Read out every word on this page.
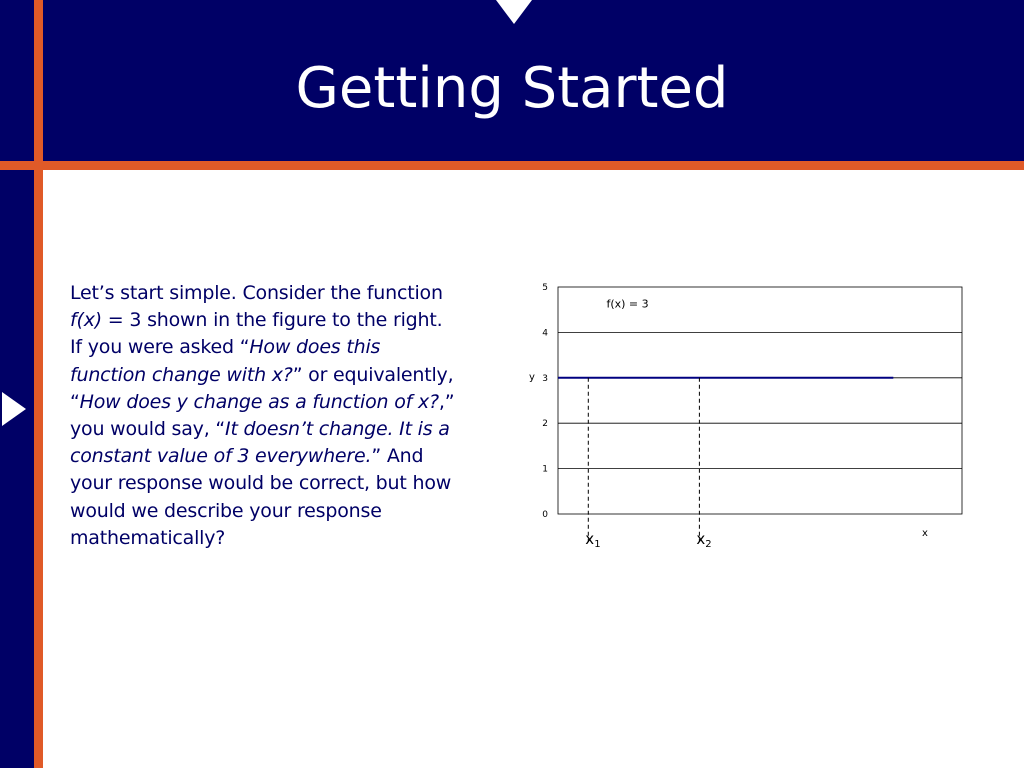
Getting Started
Let’s start simple. Consider the function
f(x) = 3 shown in the figure to the right.
If you were asked “How does this
function change with x?” or equivalently,
“How does y change as a function of x?,”
you would say, “It doesn’t change. It is a
constant value of 3 everywhere.” And
your response would be correct, but how
would we describe your response
mathematically?
0
1
2
3
4
5
y
x
f(x) = 3
$x_1$	$x_2$
